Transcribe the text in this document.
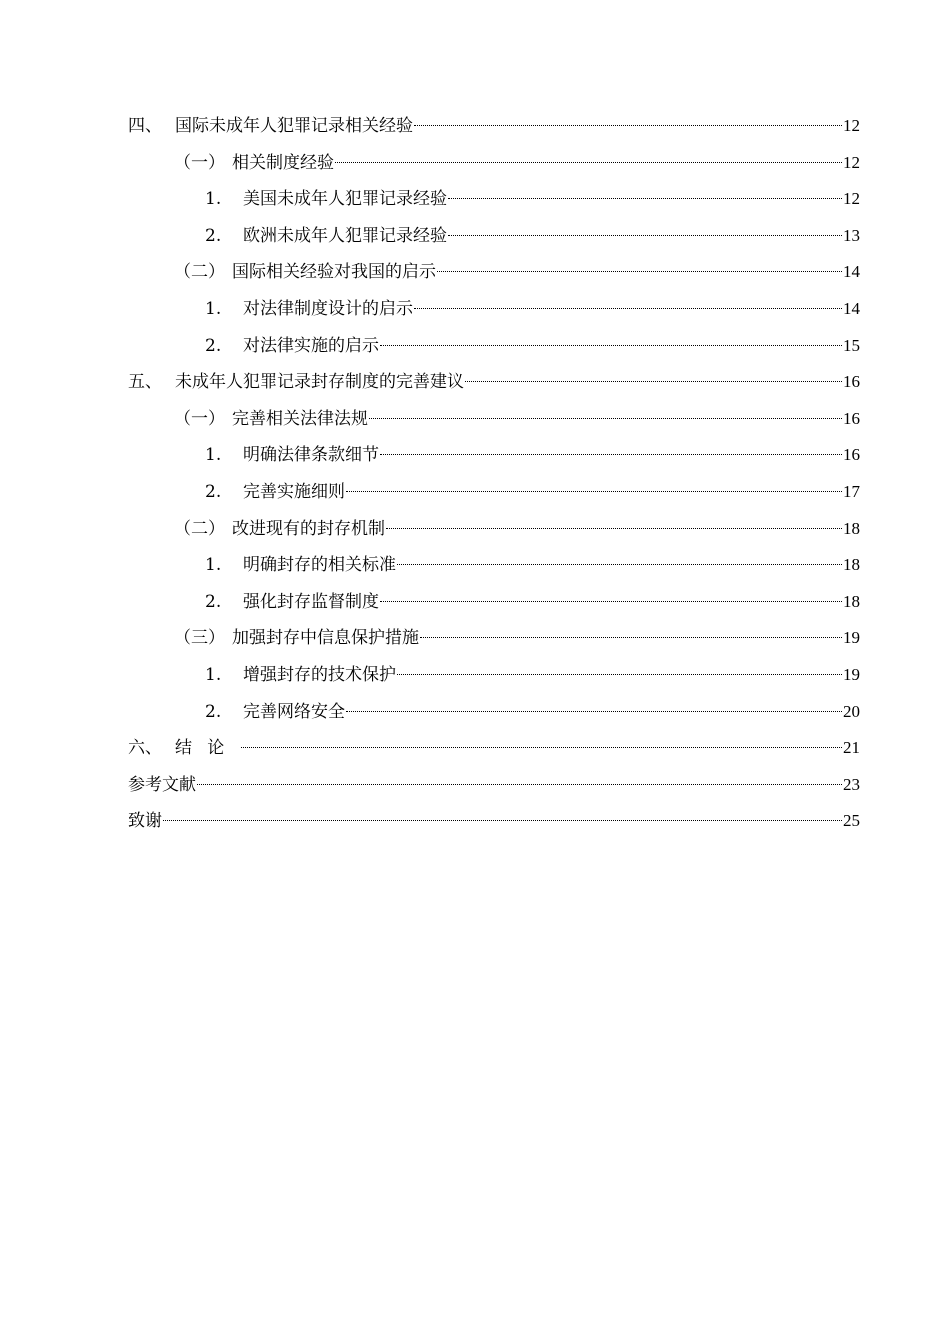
四、 国际未成年人犯罪记录相关经验	12
（一） 相关制度经验	12
1.	美国未成年人犯罪记录经验	12
2.	欧洲未成年人犯罪记录经验	13
（二） 国际相关经验对我国的启示	14
1.	对法律制度设计的启示	14
2.	对法律实施的启示	15
五、 未成年人犯罪记录封存制度的完善建议	16
（一） 完善相关法律法规	16
1.	明确法律条款细节	16
2.	完善实施细则	17
（二） 改进现有的封存机制	18
1.	明确封存的相关标准	18
2.	强化封存监督制度	18
（三） 加强封存中信息保护措施	19
1.	增强封存的技术保护	19
2.	完善网络安全	20
六、 结论	21
参考文献	23
致谢	25
